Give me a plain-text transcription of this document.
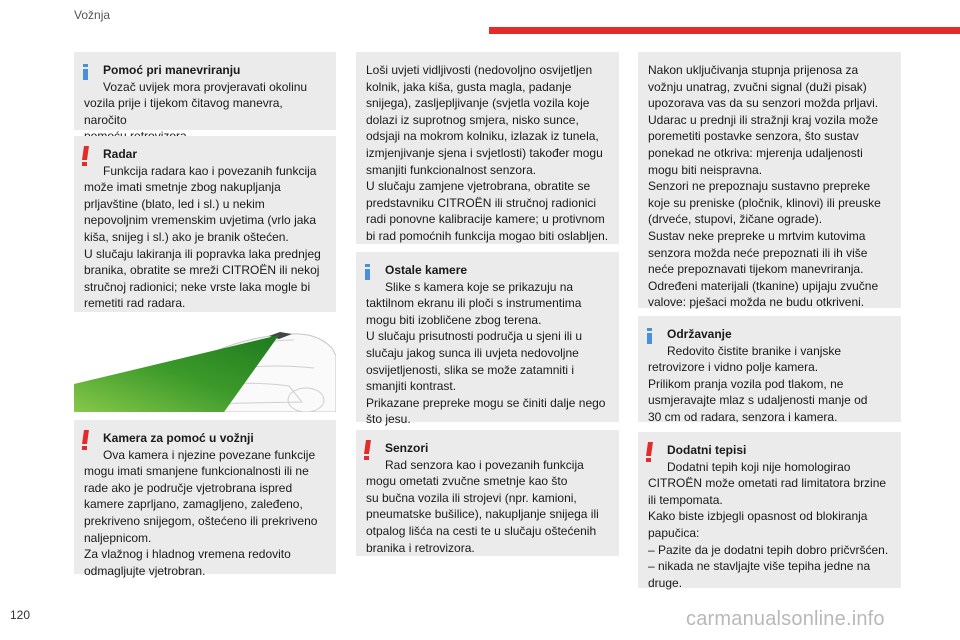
Vožnja

Pomoć pri manevriranju

Vozač uvijek mora provjeravati okolinu

vozila prije i tijekom čitavog manevra, naročito

Radar

Funkcija radara kao i povezanih funkcija

može imati smetnje zbog nakupljanja

prljavštine (blato, led i sl.) u nekim

nepovoljnim vremenskim uvjetima (vrlo jaka

kiša, snijeg i sl.) ako je branik oštećen.

U slučaju lakiranja ili popravka laka prednjeg

branika, obratite se mreži CITROËN ili nekoj

stručnoj radionici; neke vrste laka mogle bi

remetiti rad radara.

Kamera za pomoć u vožnji

Ova kamera i njezine povezane funkcije

mogu imati smanjene funkcionalnosti ili ne

rade ako je područje vjetrobrana ispred

kamere zaprljano, zamagljeno, zaleđeno,

prekriveno snijegom, oštećeno ili prekriveno

naljepnicom.

Za vlažnog i hladnog vremena redovito

odmagljujte vjetrobran.

Loši uvjeti vidljivosti (nedovoljno osvijetljen

kolnik, jaka kiša, gusta magla, padanje

snijega), zasljepljivanje (svjetla vozila koje

dolazi iz suprotnog smjera, nisko sunce,

odsjaji na mokrom kolniku, izlazak iz tunela,

izmjenjivanje sjena i svjetlosti) također mogu

smanjiti funkcionalnost senzora.

U slučaju zamjene vjetrobrana, obratite se

predstavniku CITROËN ili stručnoj radionici

radi ponovne kalibracije kamere; u protivnom

bi rad pomoćnih funkcija mogao biti oslabljen.

Ostale kamere

Slike s kamera koje se prikazuju na

taktilnom ekranu ili ploči s instrumentima

mogu biti izobličene zbog terena.

U slučaju prisutnosti područja u sjeni ili u

slučaju jakog sunca ili uvjeta nedovoljne

osvijetljenosti, slika se može zatamniti i

smanjiti kontrast.

Prikazane prepreke mogu se činiti dalje nego

što jesu.

Senzori

Rad senzora kao i povezanih funkcija

mogu ometati zvučne smetnje kao što

su bučna vozila ili strojevi (npr. kamioni,

pneumatske bušilice), nakupljanje snijega ili

otpalog lišća na cesti te u slučaju oštećenih

branika i retrovizora.

Nakon uključivanja stupnja prijenosa za

vožnju unatrag, zvučni signal (duži pisak)

upozorava vas da su senzori možda prljavi.

Udarac u prednji ili stražnji kraj vozila može

poremetiti postavke senzora, što sustav

ponekad ne otkriva: mjerenja udaljenosti

mogu biti neispravna.

Senzori ne prepoznaju sustavno prepreke

koje su preniske (pločnik, klinovi) ili preuske

(drveće, stupovi, žičane ograde).

Sustav neke prepreke u mrtvim kutovima

senzora možda neće prepoznati ili ih više

neće prepoznavati tijekom manevriranja.

Određeni materijali (tkanine) upijaju zvučne

valove: pješaci možda ne budu otkriveni.

Održavanje

Redovito čistite branike i vanjske

retrovizore i vidno polje kamera.

Prilikom pranja vozila pod tlakom, ne

usmjeravajte mlaz s udaljenosti manje od

30 cm od radara, senzora i kamera.

Dodatni tepisi

Dodatni tepih koji nije homologirao

CITROËN može ometati rad limitatora brzine

ili tempomata.

Kako biste izbjegli opasnost od blokiranja

papučica:

– Pazite da je dodatni tepih dobro pričvršćen.

– nikada ne stavljajte više tepiha jedne na

druge.

120	carmanualsonline.info
